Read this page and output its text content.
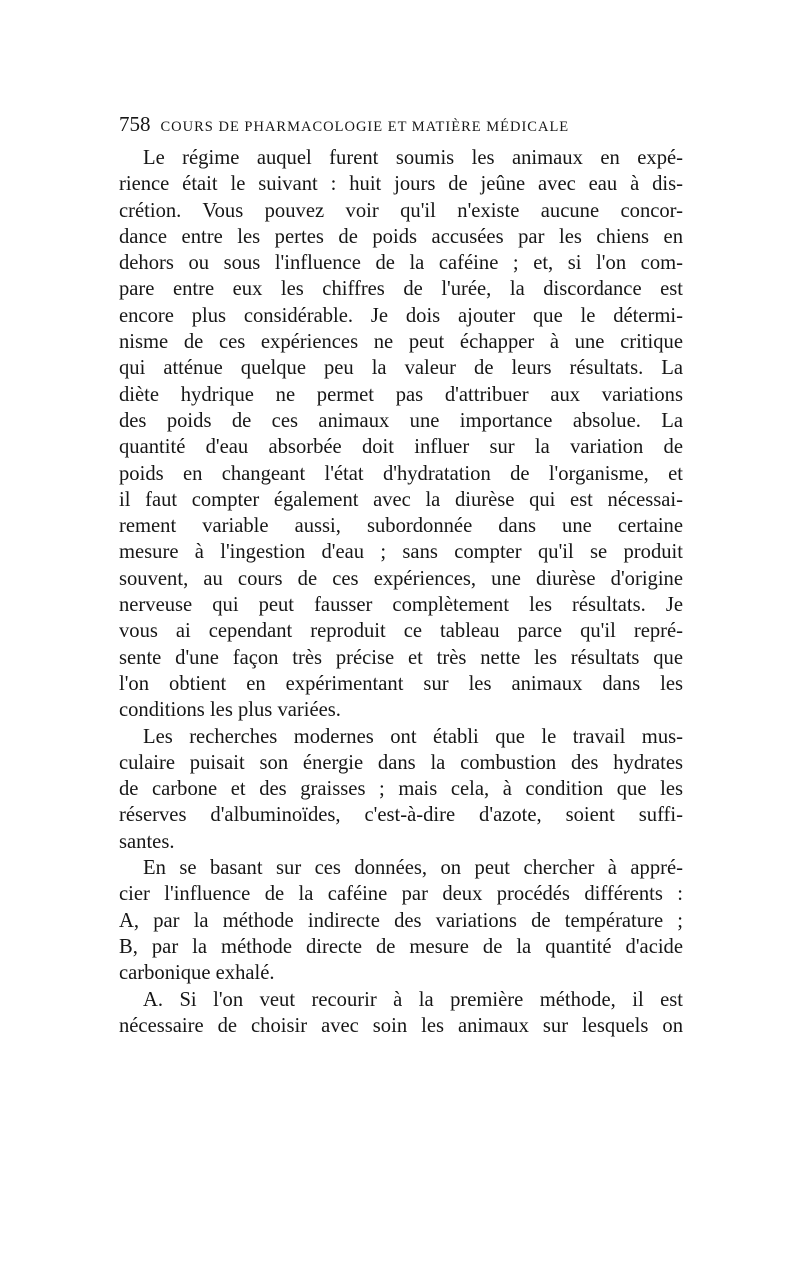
758 COURS DE PHARMACOLOGIE ET MATIÈRE MÉDICALE
Le régime auquel furent soumis les animaux en expé-
rience était le suivant : huit jours de jeûne avec eau à dis-
crétion. Vous pouvez voir qu'il n'existe aucune concor-
dance entre les pertes de poids accusées par les chiens en
dehors ou sous l'influence de la caféine ; et, si l'on com-
pare entre eux les chiffres de l'urée, la discordance est
encore plus considérable. Je dois ajouter que le détermi-
nisme de ces expériences ne peut échapper à une critique
qui atténue quelque peu la valeur de leurs résultats. La
diète hydrique ne permet pas d'attribuer aux variations
des poids de ces animaux une importance absolue. La
quantité d'eau absorbée doit influer sur la variation de
poids en changeant l'état d'hydratation de l'organisme, et
il faut compter également avec la diurèse qui est nécessai-
rement variable aussi, subordonnée dans une certaine
mesure à l'ingestion d'eau ; sans compter qu'il se produit
souvent, au cours de ces expériences, une diurèse d'origine
nerveuse qui peut fausser complètement les résultats. Je
vous ai cependant reproduit ce tableau parce qu'il repré-
sente d'une façon très précise et très nette les résultats que
l'on obtient en expérimentant sur les animaux dans les
conditions les plus variées.
Les recherches modernes ont établi que le travail mus-
culaire puisait son énergie dans la combustion des hydrates
de carbone et des graisses ; mais cela, à condition que les
réserves d'albuminoïdes, c'est-à-dire d'azote, soient suffi-
santes.
En se basant sur ces données, on peut chercher à appré-
cier l'influence de la caféine par deux procédés différents :
A, par la méthode indirecte des variations de température ;
B, par la méthode directe de mesure de la quantité d'acide
carbonique exhalé.
A. Si l'on veut recourir à la première méthode, il est
nécessaire de choisir avec soin les animaux sur lesquels on
